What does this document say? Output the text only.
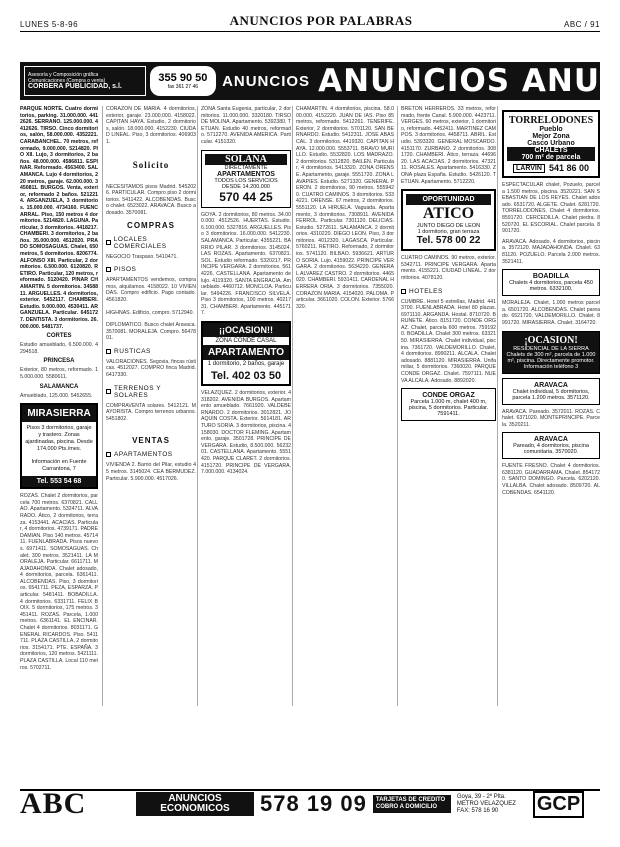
LUNES 5-8-96	ANUNCIOS POR PALABRAS	ABC / 91
Asesoría y Composición gráfica
Comunicaciones (Compra o venta)
CORBERA PUBLICIDAD, s.l.
355 90 50
fax 361 27 46 ANUNCIOS ANUNCIOS ANU

PARQUE NORTE. Cuatro dormitorios, parking. 31.000.000. 4412626. SERRANO. 125.000.000. 4412626. TIRSO. Cinco dormitorios, salón, 58.000.000. 4352221. CARABANCHEL. 70 metros, reformado, 9.000.000. 5214820. PIO XII. Lujo, 3 dormitorios, 2 baños. 48.000.000. 4586811. ESPINAR. Reformado. 4563400. SALAMANCA. Lujo 4 dormitorios, 220 metros, garaje. 62.000.000. 3450811. BURGOS. Venta, exterior, reformado 2 baños. 5212214. ARGANZUELA, 3 dormitorios. 15.000.000. 4734160. FUENCARRAL. Piso, 150 metros 4 dormitorios. 5214820. LAGUNA. Particular, 3 dormitorios. 4418217. CHAMBERI. 3 dormitorios, 2 baños. 35.000.000. 4512020. PRADO SOMOSAGUAS. Chalet, 650 metros, 5 dormitorios. 8206774. ALFONSO XIII. Particular, 2 dormitorios. 6.500.000. 6120820. RETIRO. Particular, 120 metros, reformado. 5120420. PINAR CHAMARTIN. 5 dormitorios. 3458811. ARGUELLES. 4 dormitorios, exterior. 5452117. CHAMBERI. Estudio. 9.000.000. 4530411. ARGANZUELA. Particular. 6451727. DENTISTA. 3 dormitorios. 26.000.000. 5481737.

CORTES

Estudio amueblado, 6.500.000. 4294518.

PRINCESA

Exterior, 80 metros, reformado. 15.000.000. 5580611.

SALAMANCA

Amueblado, 125.000. 5452655.

MIRASIERRA
Pisos 3 dormitorios, garaje y trastero. Zonas ajardinadas, piscina. Desde 174.000 Pts./mes.
Información en Fuente Carrantona, 7
Tel. 553 54 68

ROZAS. Chalet 2 dormitorios, parcela 700 metros. 6370821. CALLAO. Apartamento. 5324711. ALVARADO. Ático, 2 dormitorios, terraza. 4153441. ACACIAS. Particular, 4 dormitorios. 4739171. PADRE DAMIAN. Piso 140 metros. 4571411. FUENLABRADA. Pisos nuevos. 6971411. SOMOSAGUAS. Chalet, 300 metros. 3521411. LA MORALEJA. Particular. 6611711. MAJADAHONDA. Chalet adosado, 4 dormitorios, parcela. 6361411. ALCOBENDAS. Piso, 3 dormitorios. 6541711. PEZA, ESPARZA. Particular. 5481411. BOBADILLA. 4 dormitorios. 6331711. FELIX BOIX. 5 dormitorios, 175 metros. 3451411. ROZAS. Parcela, 1.000 metros. 6361141. EL ENCINAR. Chalet 4 dormitorios. 8031171. GENERAL RICARDOS. Piso. 5411711. PLAZA CASTILLA, 2 dormitorios. 3154171. PTE. ESPAÑA. 3 dormitorios, 120 metros. 5421111. PLAZA CASTILLA. Local 110 metros. 5702711.

CORAZON DE MARIA. 4 dormitorios, exterior, garaje. 23.000.000. 4158022. CAPITAN HAYA. Estudio, 2 dormitorios, salón. 18.000.000. 4152230. CIUDAD LINEAL. Piso, 3 dormitorios. 4069031.

Solicito

NECESITAMOS pisos Madrid. 5452026. PARTICULAR. Compro piso 2 dormitorios. 5411422. ALCOBENDAS. Busco chalet. 6523022. ARAVACA. Busco adosado. 3570081.

COMPRAS
LOCALES COMERCIALES

NEGOCIO Traspaso. 5410471.

PISOS

APARTAMENTOS vendemos, compramos, alquilamos. 4158022. 10 VIVIENDAS. Compro edificio. Pago contado. 4561820.

HIGHNAS. Edificio, compro. 5712940.

DIPLOMATICO. Busco chalet Aravaca. 3570081. MORALEJA. Compro. 5647801.

RUSTICAS

VALORACIONES. Segovia, fincas rústicas. 4512027. COMPRO finca Madrid. 6417330.

TERRENOS Y SOLARES

COMPRAVENTA solares. 5412121. MAYORISTA. Compro terrenos urbanos. 5451802.

VENTAS
APARTAMENTOS

VIVIENDA 2. Barrio del Pilar, estudio 45 metros. 3145024. CEA BERMUDEZ. Particular. 5.900.000. 4517026.

ZONA Santa Eugenia, particular, 2 dormitorios. 11.000.000. 3320180. TIRSO DE MOLINA. Apartamento. 5392380. TETUAN. Estudio 40 metros, reformado. 5712270. AVENIDA AMERICA. Particular. 4151320.

SOLANA
DIRECTAMENTE
APARTAMENTOS
TODOS LOS SERVICIOS
DESDE 14.200.000
570 44 25

GOYA. 2 dormitorios, 80 metros. 34.000.000. 4512526. HUERTAS. Estudio. 6.100.000. 5327816. ARGUELLES. Piso 3 dormitorios. 16.000.000. 5412230. SALAMANCA. Particular. 4355221. BARRIO PILAR. 3 dormitorios. 3145024. LAS ROZAS. Apartamento. 6370821. SOL. Estudio reformado. 5320217. PRINCIPE VERGARA. 2 dormitorios. 5614226. CASTELLANA. Apartamento de lujo. 4119320. SANTA ENGRACIA. Amueblado. 4460712. MONCLOA. Particular. 5494226. FRANCISCO SILVELA. Piso 3 dormitorios, 100 metros. 4021731. CHAMBERI. Apartamento. 4451717.

¡¡OCASION!!
ZONA CONDE CASAL
APARTAMENTO
1 dormitorio, 2 baños, garaje
Tel. 402 03 50

VELAZQUEZ. 2 dormitorios, exterior. 4318202. AVENIDA BURGOS. Apartamento amueblado. 7661920. VALDEBERNARDO. 2 dormitorios. 3012821. JOAQUIN COSTA. Exterior. 5614181. ARTURO SORIA. 3 dormitorios, piscina. 4158030. DOCTOR FLEMING. Apartamento, garaje. 3501728. PRINCIPE DE VERGARA. Estudio, 8.500.000. 5623201. CASTELLANA. Apartamento. 5551420. PARQUE CLARET. 2 dormitorios. 4151720. PRINCIPE DE VERGARA. 7.000.000. 4134024.

CHAMARTIN. 4 dormitorios, piscina. 58.000.000. 4152220. JUAN DE IAS. Piso 85 metros, reformado. 5412261. TENERIFE. Exterior, 2 dormitorios. 5701120. SAN BERNARDO. Estudio. 5412311. JOSE ABASCAL. 3 dormitorios. 4419320. CAPITAN HAYA. 12.000.000. 5553711. BRAVO MURILLO. Estudio. 5532820. LOS MADRAZO. 2 dormitorios. 5312820. BAILEN. Particular, 4 dormitorios. 5413320. ZONA ORENSE. Apartamento, garaje. 5551720. ZONA LAVAPIES. Estudio. 5271320. GENERAL PERON. 2 dormitorios, 90 metros. 5559420. CUATRO CAMINOS. 3 dormitorios. 5334221. ORENSE. 67 metros, 2 dormitorios. 5551120. LA HIRUELA. Vaguada. Apartamento, 3 dormitorios. 7308911. AVENIDA FERROL. Particular. 7301120. DELICIAS. Estudio. 5272611. SALAMANCA. 2 dormitorios. 4310220. DIEGO LEON. Piso, 3 dormitorios. 4012320. LAGASCA. Particular. 5760211. RETIRO. Reformado, 2 dormitorios. 5741120. BILBAO. 5936621. ARTURO SORIA. Lujo. 4159022. PRINCIPE VERGARA. 2 dormitorios. 5634220. GENERAL ALVAREZ CASTRO. 2 dormitorios. 4465020. CHAMBERI. 5931411. CARDENAL HERRERA ORIA. 3 dormitorios. 7355020. CORAZON MARIA. 4154020. PALOMA. Particular. 3661020. COLON. Exterior. 5766320.

BRETON HERREROS. 33 metros, reformado, frente Canal. 5.900.000. 4423711. VERGES. 60 metros, exterior, 1 dormitorio, reformado. 4452411. MARTINEZ CAMPOS. 3 dormitorios. 4458711. ABRIL. Estudio. 5393320. GENERAL MOSCARDO. 4151170. ZURBANO. 2 dormitorios. 3081720. CHAMBERI. Ático, terraza. 4469620. LAS ACACIAS. 2 dormitorios. 4732111. ROSALES. Apartamento. 5416330. ZONA plaza España. Estudio. 5426120. TETUAN. Apartamento. 5712220.

OPORTUNIDAD
ATICO
JUNTO DIEGO DE LEON
1 dormitorio, gran terraza
Tel. 578 00 22

CUATRO CAMINOS. 90 metros, exterior. 5342711. PRINCIPE VERGARA. Apartamento. 4155221. CIUDAD LINEAL. 2 dormitorios. 4078120.

HOTELES

CUMBRE. Hotel 5 estrellas, Madrid. 4413700. FUENLABRADA. Hotel 80 plazas. 6971110. ARGANDA. Hostal. 8710720. BRUNETE. Ático. 8151720. CONDE ORGAZ. Chalet, parcela 600 metros. 7591920. BOADILLA. Chalet 300 metros. 6332150. MIRASIERRA. Chalet individual, piscina. 7361720. VALDEMORILLO. Chalet, 4 dormitorios. 8990211. ALCALA. Chalet adosado. 8881120. MIRASIERRA. Unifamiliar, 5 dormitorios. 7360020. PARQUE CONDE ORGAZ. Chalet. 7597111. NUEVA ALCALA. Adosado. 8892020.

CONDE ORGAZ
Parcela 1.000 m, chalet 400 m, piscina, 5 dormitorios. Particular. 7591411.
TORRELODONES
Pueblo
Mejor Zona
Casco Urbano
CHALETS
700 m² de parcela
LARVIN 541 86 00

ESPECTACULAR chalet, Pozuelo, parcela 1.500 metros, piscina. 3520221. SAN SEBASTIAN DE LOS REYES. Chalet adosado. 6531720. ALGETE. Chalet. 6281720. TORRELODONES. Chalet 4 dormitorios. 8591720. CERCEDILLA. Chalet piedra. 8520720. EL ESCORIAL. Chalet parcela. 8901720.

ARAVACA. Adosado, 4 dormitorios, piscina. 3572120. MAJADAHONDA. Chalet. 6381120. POZUELO. Parcela 2.000 metros. 3521411.

BOADILLA
Chalets 4 dormitorios, parcela 450 metros. 6332100.

MORALEJA. Chalet, 1.000 metros parcela. 6501720. ALCOBENDAS. Chalet pareado. 6521720. VALDEMORILLO. Chalet. 8991720. MIRASIERRA. Chalet. 3164720.

¡OCASION!
RESIDENCIAL DE LA SIERRA
Chalets de 300 m², parcela de 1.000 m², piscina. Directamente promotor.
Información teléfono 3
ARAVACA
Chalet individual, 5 dormitorios, parcela 1.200 metros. 3571120.

ARAVACA. Pareado. 3572011. ROZAS. Chalet. 6371020. MONTEPRINCIPE. Parcela. 3520211.

ARAVACA
Pareado, 4 dormitorios, piscina comunitaria. 3570020.

FUENTE FRESNO. Chalet 4 dormitorios. 6381120. GUADARRAMA. Chalet. 8541720. SANTO DOMINGO. Parcela. 6202120. VILLALBA. Chalet adosado. 8509720. ALCOBENDAS. 6541120.

ABC	ANUNCIOS
ECONOMICOS	578 19 09 TARJETAS DE CREDITO
COBRO A DOMICILIO
Goya, 39 - 2º Plta.
METRO VELAZQUEZ
FAX: 578 16 90	GCP
